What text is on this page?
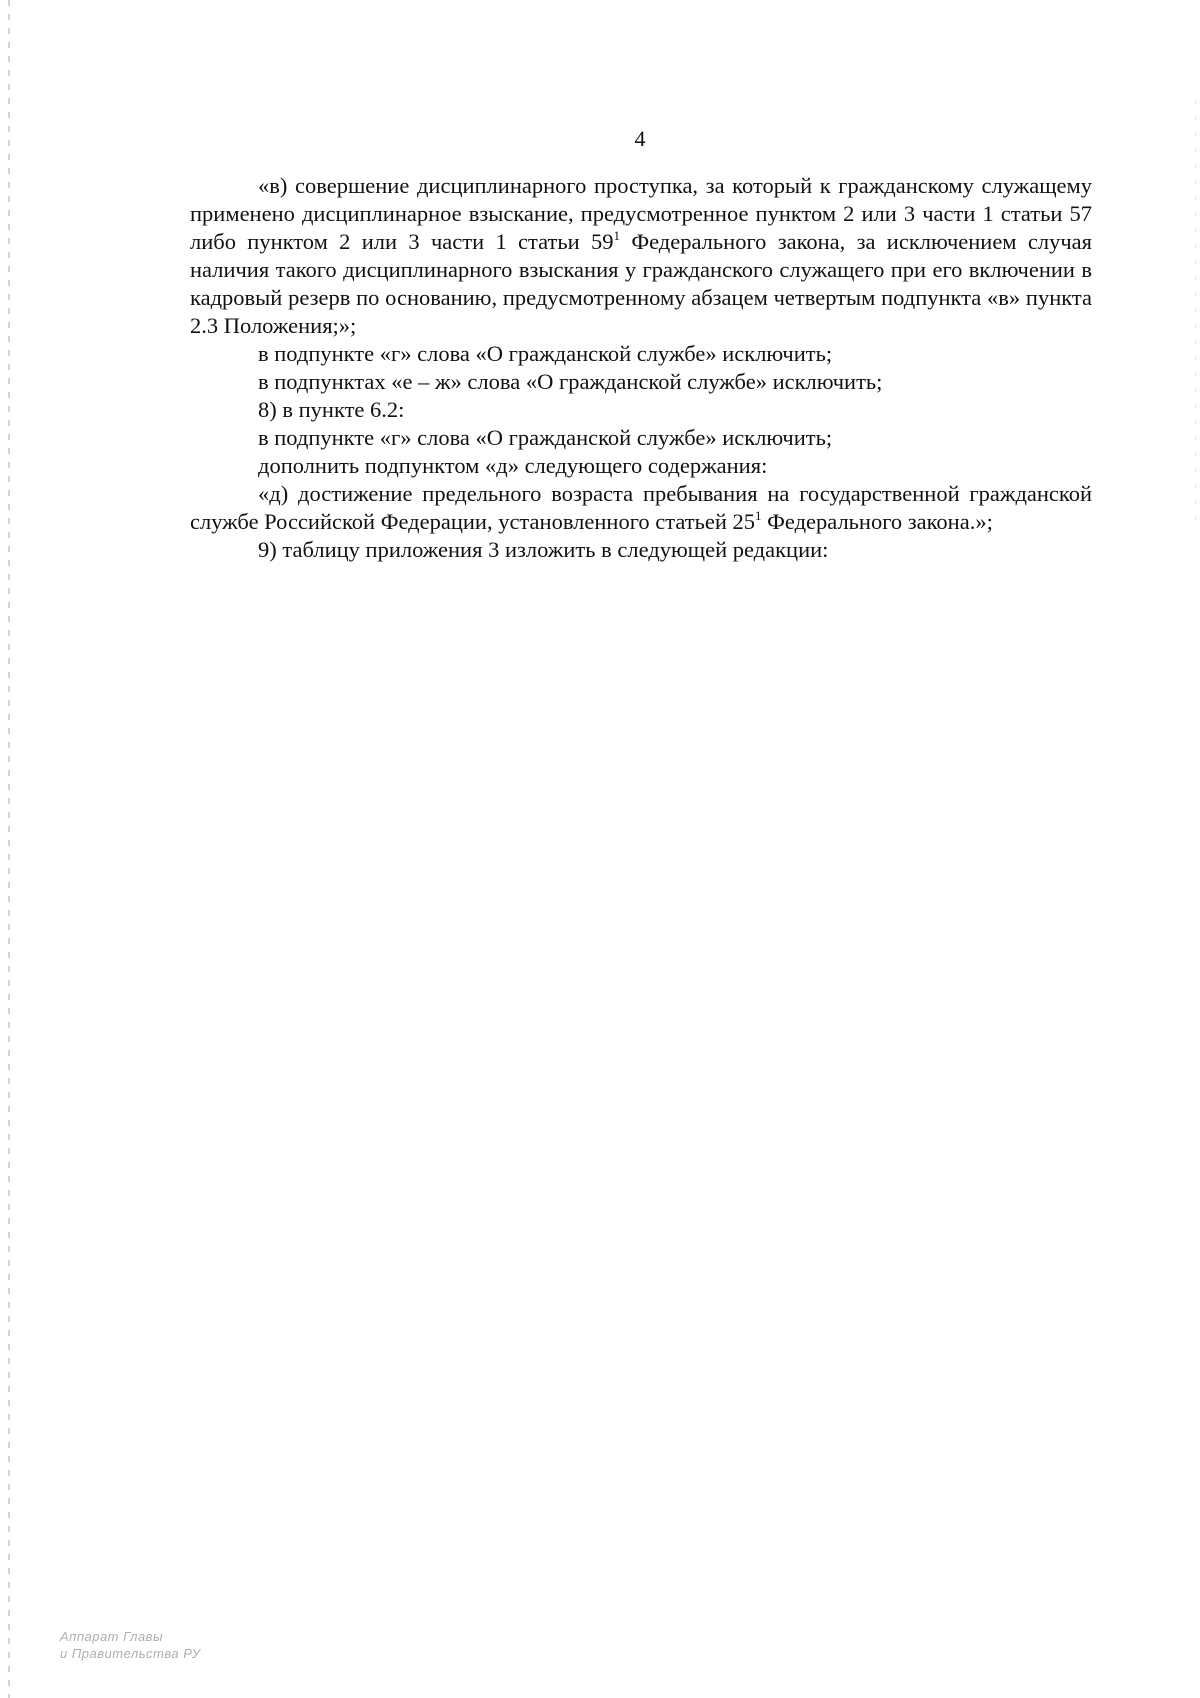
4

«в) совершение дисциплинарного проступка, за который к гражданскому служащему применено дисциплинарное взыскание, предусмотренное пунктом 2 или 3 части 1 статьи 57 либо пунктом 2 или 3 части 1 статьи $59^1$ Федерального закона, за исключением случая наличия такого дисциплинарного взыскания у гражданского служащего при его включении в кадровый резерв по основанию, предусмотренному абзацем четвертым подпункта «в» пункта 2.3 Положения;»;

в подпункте «г» слова «О гражданской службе» исключить;

в подпунктах «е – ж» слова «О гражданской службе» исключить;

8) в пункте 6.2:

в подпункте «г» слова «О гражданской службе» исключить;

дополнить подпунктом «д» следующего содержания:

«д) достижение предельного возраста пребывания на государственной гражданской службе Российской Федерации, установленного статьей $25^1$ Федерального закона.»;

9) таблицу приложения 3 изложить в следующей редакции:

Аппарат Главы
и Правительства РУ
